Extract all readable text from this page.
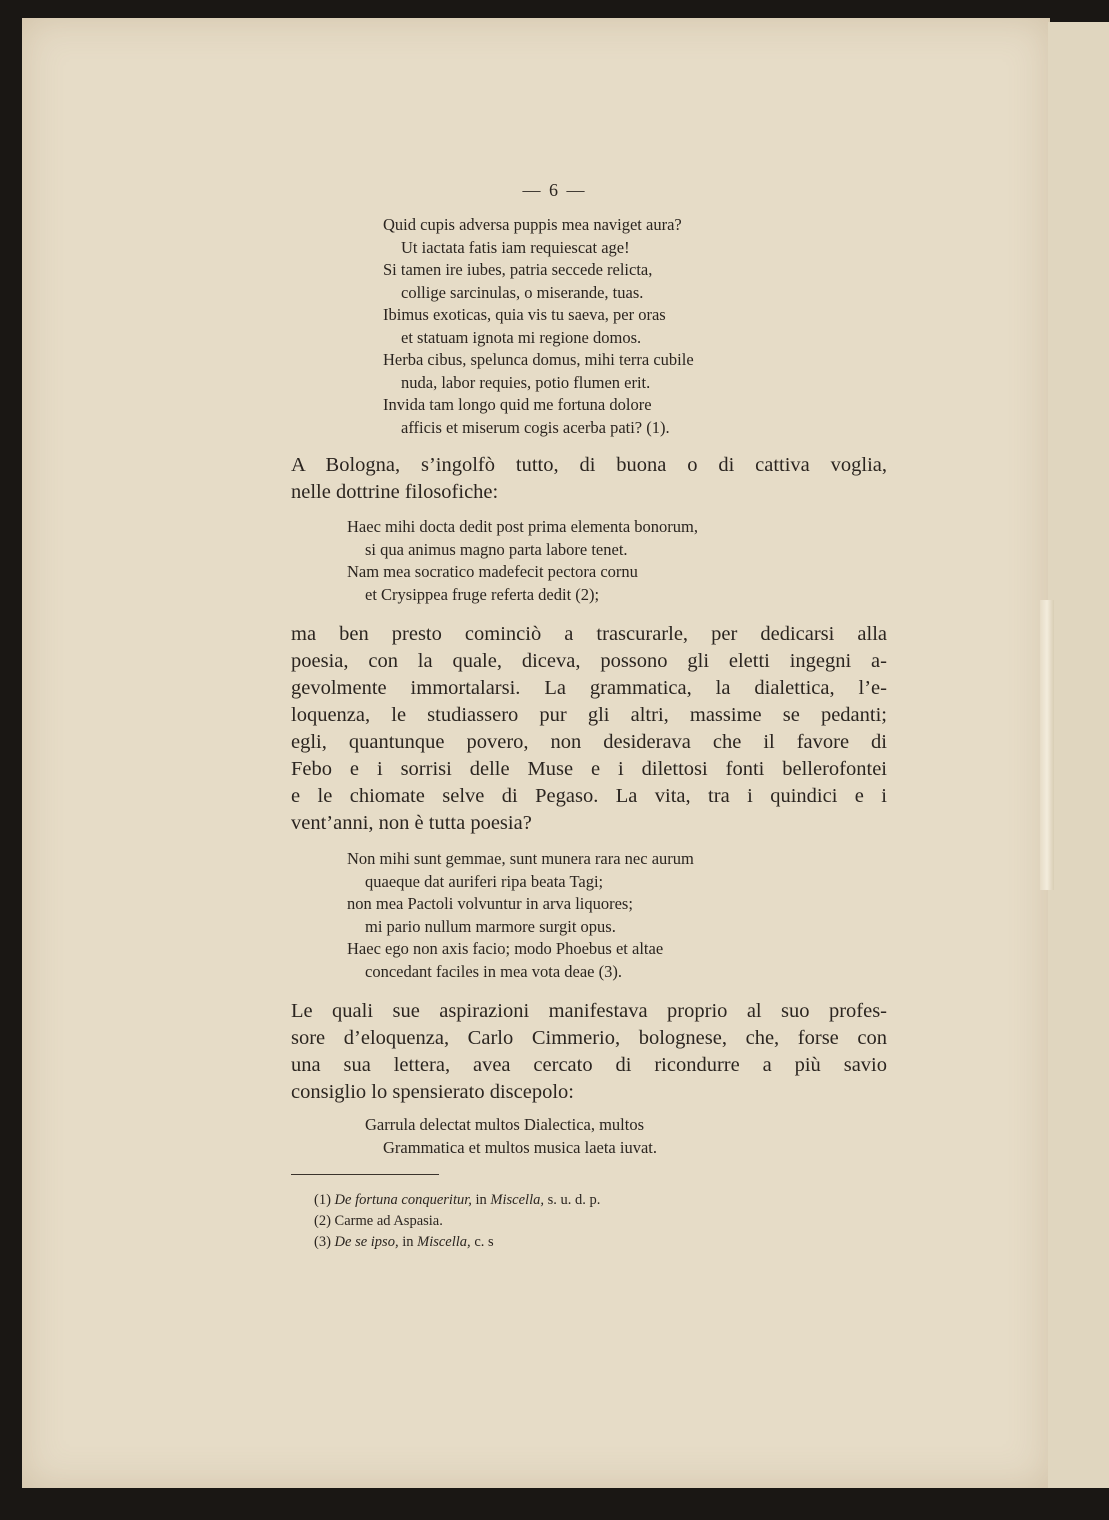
— 6 —
Quid cupis adversa puppis mea naviget aura?
Ut iactata fatis iam requiescat age!
Si tamen ire iubes, patria seccede relicta,
collige sarcinulas, o miserande, tuas.
Ibimus exoticas, quia vis tu saeva, per oras
et statuam ignota mi regione domos.
Herba cibus, spelunca domus, mihi terra cubile
nuda, labor requies, potio flumen erit.
Invida tam longo quid me fortuna dolore
afficis et miserum cogis acerba pati? (1).
A Bologna, s’ingolfò tutto, di buona o di cattiva voglia,
nelle dottrine filosofiche:
Haec mihi docta dedit post prima elementa bonorum,
si qua animus magno parta labore tenet.
Nam mea socratico madefecit pectora cornu
et Crysippea fruge referta dedit (2);
ma ben presto cominciò a trascurarle, per dedicarsi alla
poesia, con la quale, diceva, possono gli eletti ingegni a-
gevolmente immortalarsi. La grammatica, la dialettica, l’e-
loquenza, le studiassero pur gli altri, massime se pedanti;
egli, quantunque povero, non desiderava che il favore di
Febo e i sorrisi delle Muse e i dilettosi fonti bellerofontei
e le chiomate selve di Pegaso. La vita, tra i quindici e i
vent’anni, non è tutta poesia?
Non mihi sunt gemmae, sunt munera rara nec aurum
quaeque dat auriferi ripa beata Tagi;
non mea Pactoli volvuntur in arva liquores;
mi pario nullum marmore surgit opus.
Haec ego non axis facio; modo Phoebus et altae
concedant faciles in mea vota deae (3).
Le quali sue aspirazioni manifestava proprio al suo profes-
sore d’eloquenza, Carlo Cimmerio, bolognese, che, forse con
una sua lettera, avea cercato di ricondurre a più savio
consiglio lo spensierato discepolo:
Garrula delectat multos Dialectica, multos
Grammatica et multos musica laeta iuvat.
(1) De fortuna conqueritur, in Miscella, s. u. d. p.
(2) Carme ad Aspasia.
(3) De se ipso, in Miscella, c. s
